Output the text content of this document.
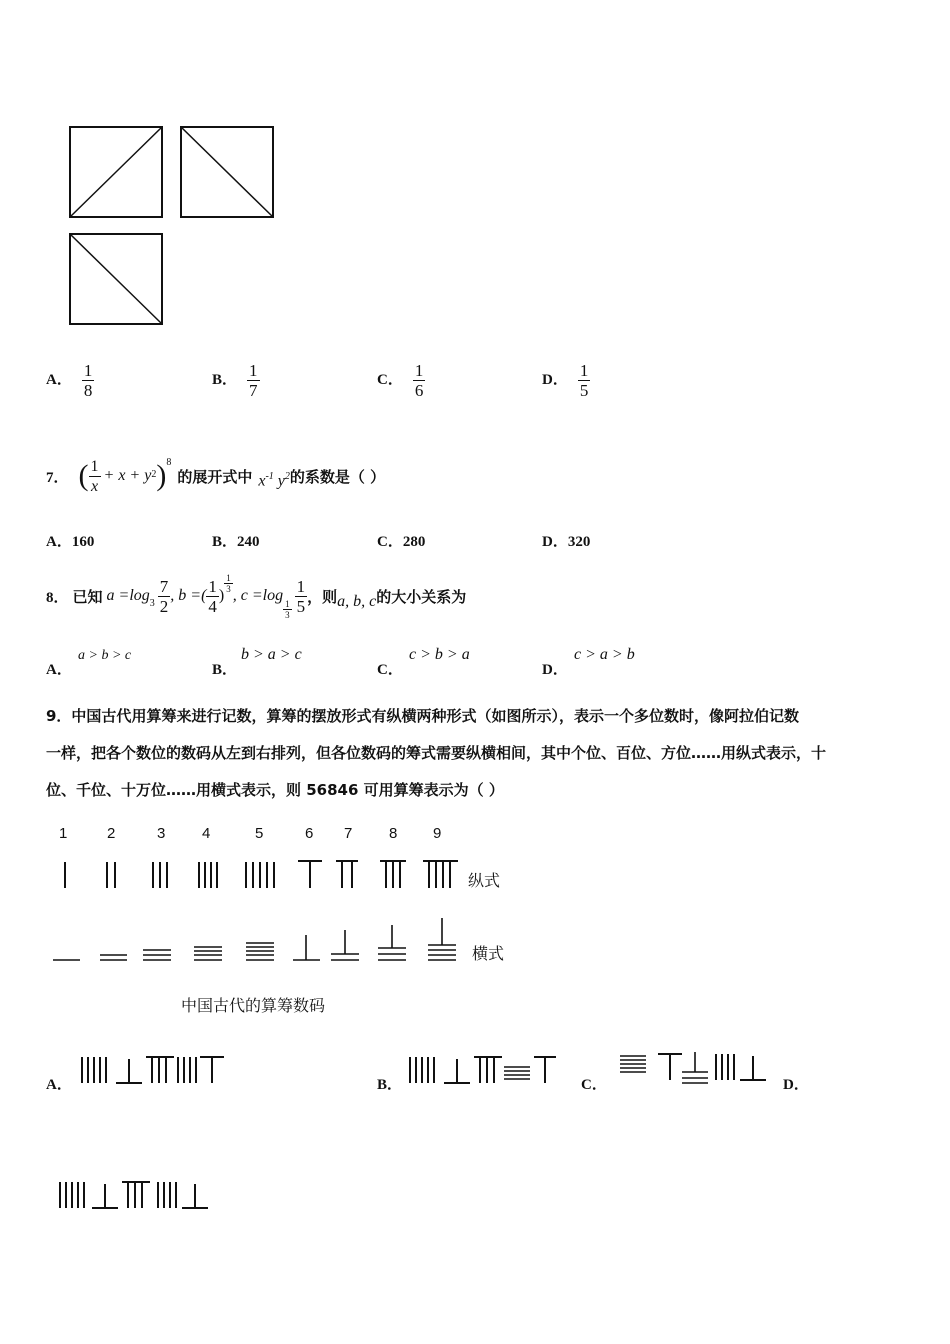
A． $\frac{1}{8}$	B． $\frac{1}{7}$	C． $\frac{1}{6}$	D． $\frac{1}{5}$
7． ( $\frac{1}{x} + x + y$ 2 ) 8
的展开式中 $x^{-1}$ $y^2$ 的系数是（ ）
A．160	B．240	C．280	D．320
8． 已知 $a =\log_3 \frac{7}{2}$ , b =( $\frac{1}{4}$ )
$\frac{1}{3}$
, c =log
$\frac{1}{3} \frac{1}{5}$ ，则 a, b, c 的大小关系为
A．
a > b > c
B．
b > a > c
C．
c > b > a
D．
c > a > b
9．中国古代用算筹来进行记数，算筹的摆放形式有纵横两种形式（如图所示），表示一个多位数时，像阿拉伯记数
一样，把各个数位的数码从左到右排列，但各位数码的筹式需要纵横相间，其中个位、百位、方位……用纵式表示，十
位、千位、十万位……用横式表示，则 56846 可用算筹表示为（ ）
1	2	3 4	5	6 7 8 9
纵式
横式
中国古代的算筹数码
A．	B．	C．	D．
